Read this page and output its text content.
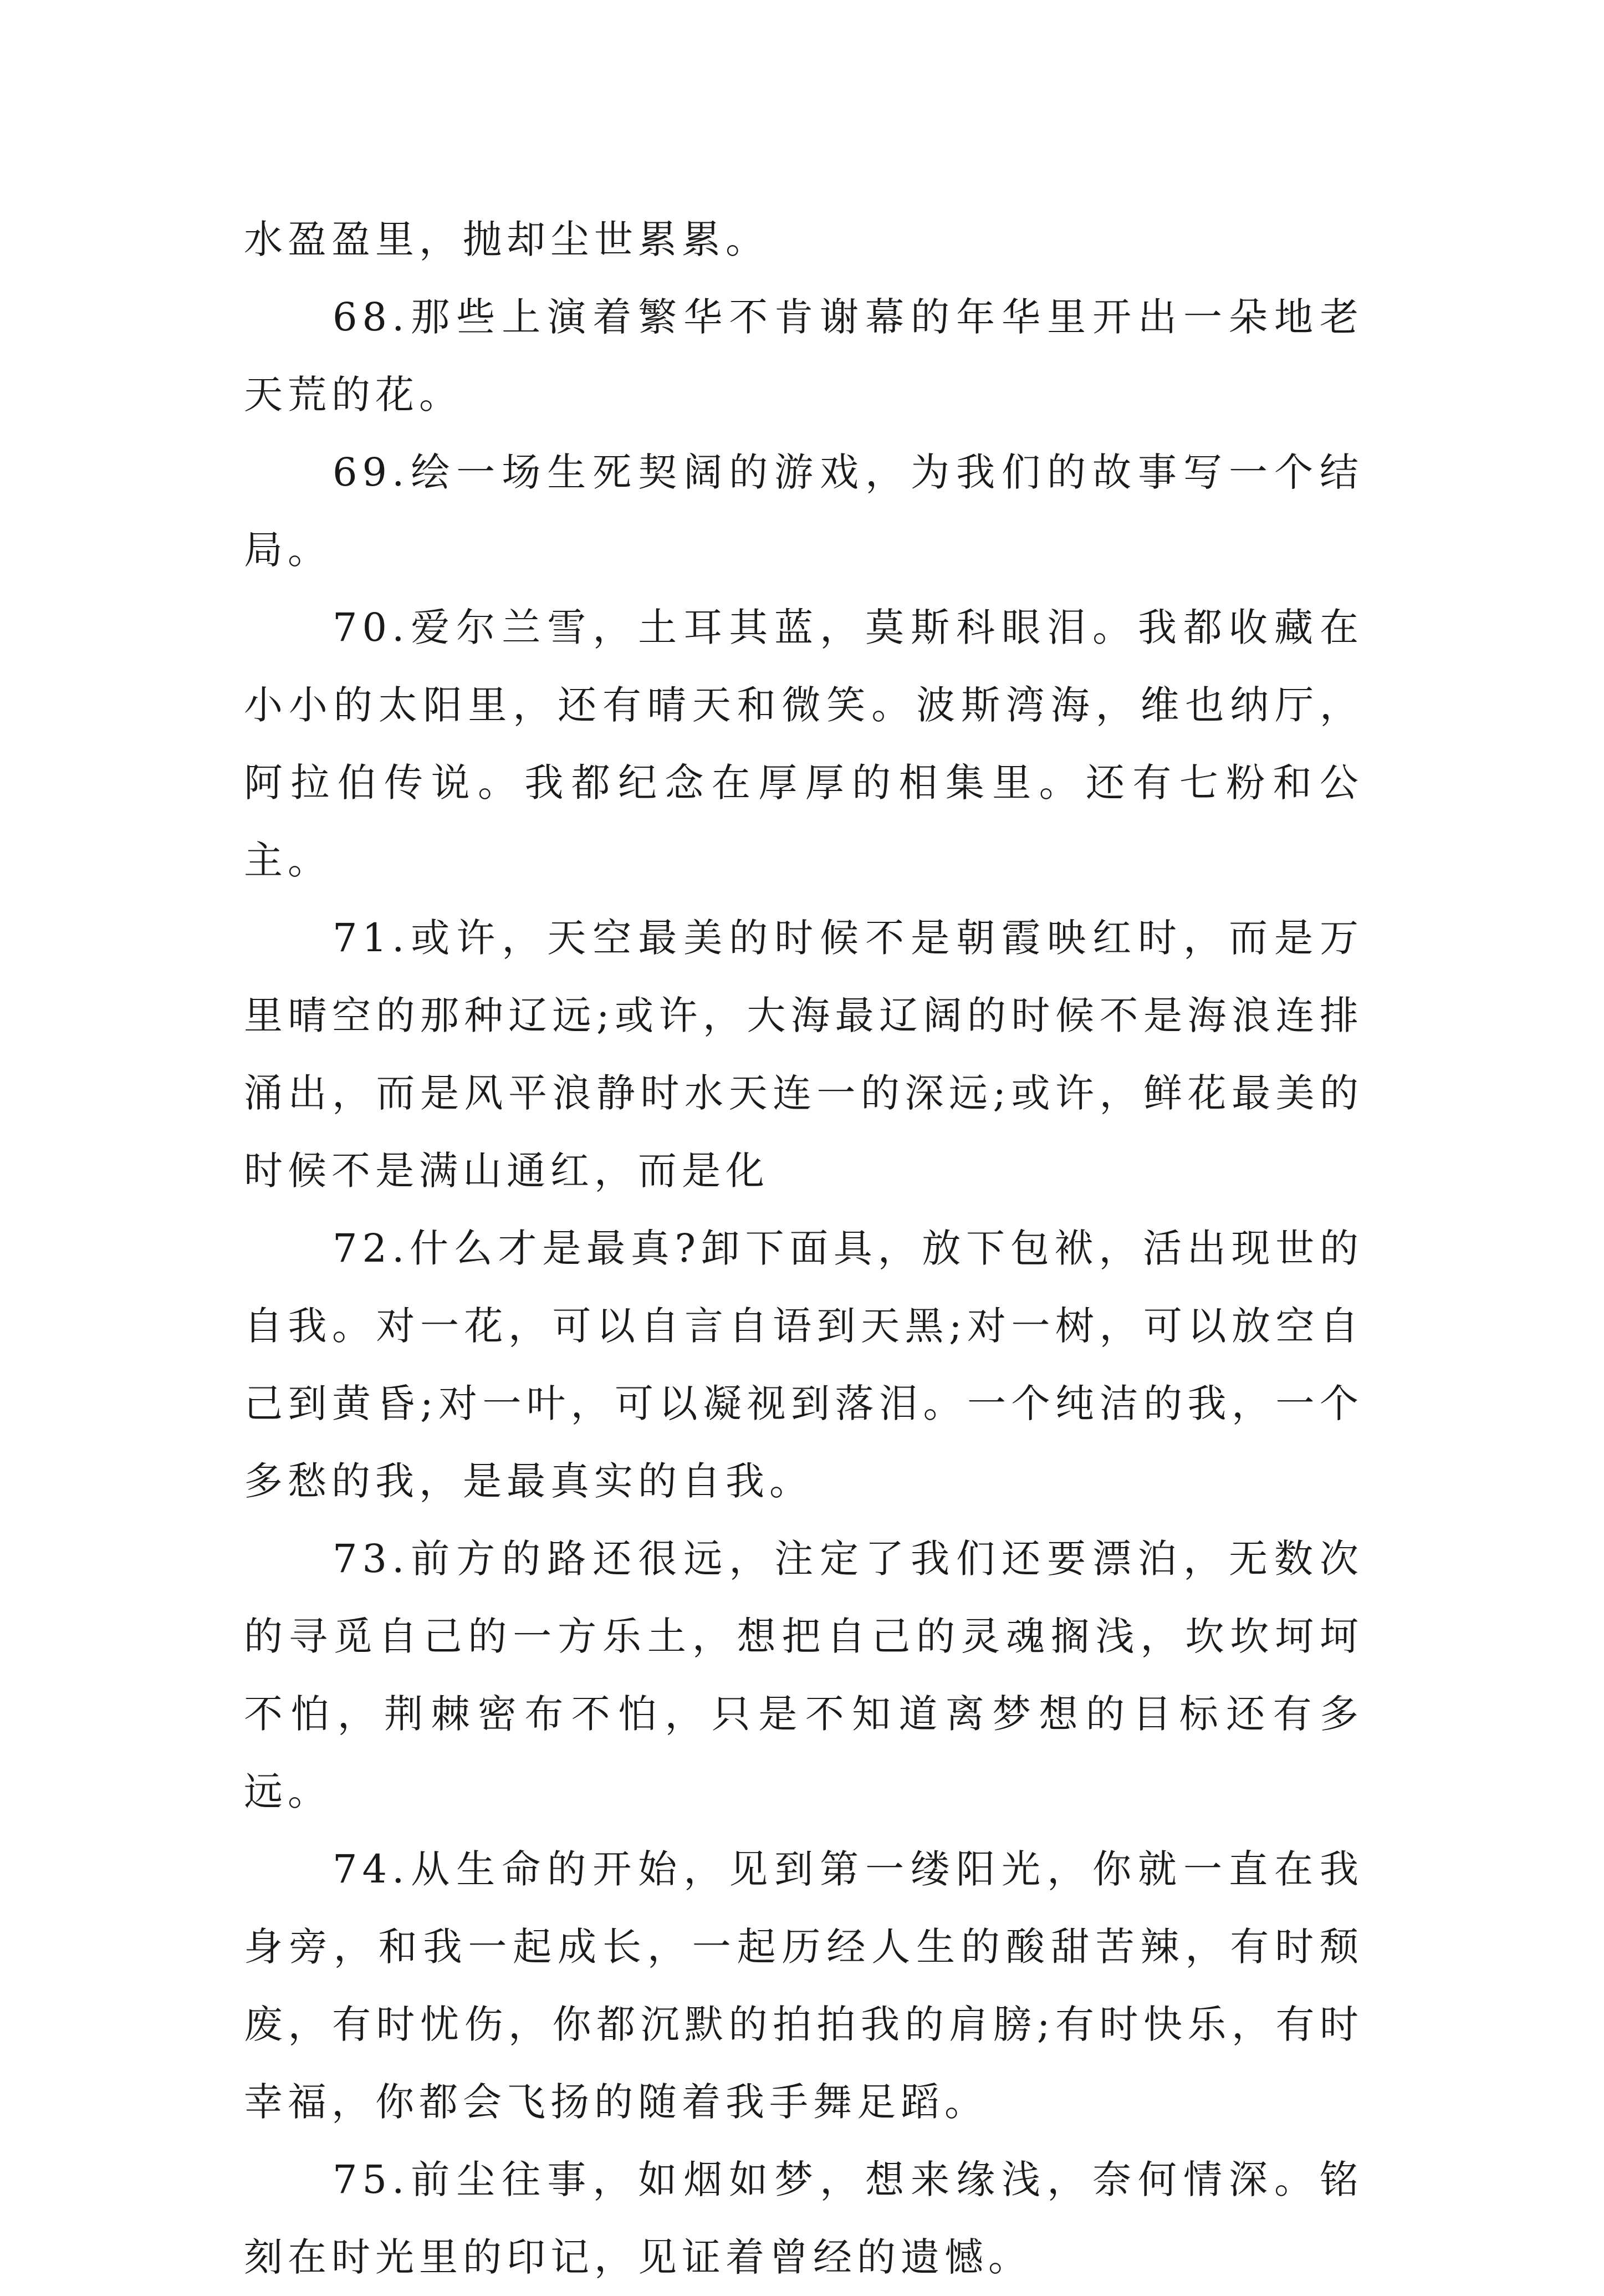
水盈盈里，抛却尘世累累。

68.那些上演着繁华不肯谢幕的年华里开出一朵地老天荒的花。

69.绘一场生死契阔的游戏，为我们的故事写一个结局。

70.爱尔兰雪，土耳其蓝，莫斯科眼泪。我都收藏在小小的太阳里，还有晴天和微笑。波斯湾海，维也纳厅，阿拉伯传说。我都纪念在厚厚的相集里。还有七粉和公主。

71.或许，天空最美的时候不是朝霞映红时，而是万里晴空的那种辽远;或许，大海最辽阔的时候不是海浪连排涌出，而是风平浪静时水天连一的深远;或许，鲜花最美的时候不是满山通红，而是化

72.什么才是最真?卸下面具，放下包袱，活出现世的自我。对一花，可以自言自语到天黑;对一树，可以放空自己到黄昏;对一叶，可以凝视到落泪。一个纯洁的我，一个多愁的我，是最真实的自我。

73.前方的路还很远，注定了我们还要漂泊，无数次的寻觅自己的一方乐土，想把自己的灵魂搁浅，坎坎坷坷不怕，荆棘密布不怕，只是不知道离梦想的目标还有多远。

74.从生命的开始，见到第一缕阳光，你就一直在我身旁，和我一起成长，一起历经人生的酸甜苦辣，有时颓废，有时忧伤，你都沉默的拍拍我的肩膀;有时快乐，有时幸福，你都会飞扬的随着我手舞足蹈。

75.前尘往事，如烟如梦，想来缘浅，奈何情深。铭刻在时光里的印记，见证着曾经的遗憾。
